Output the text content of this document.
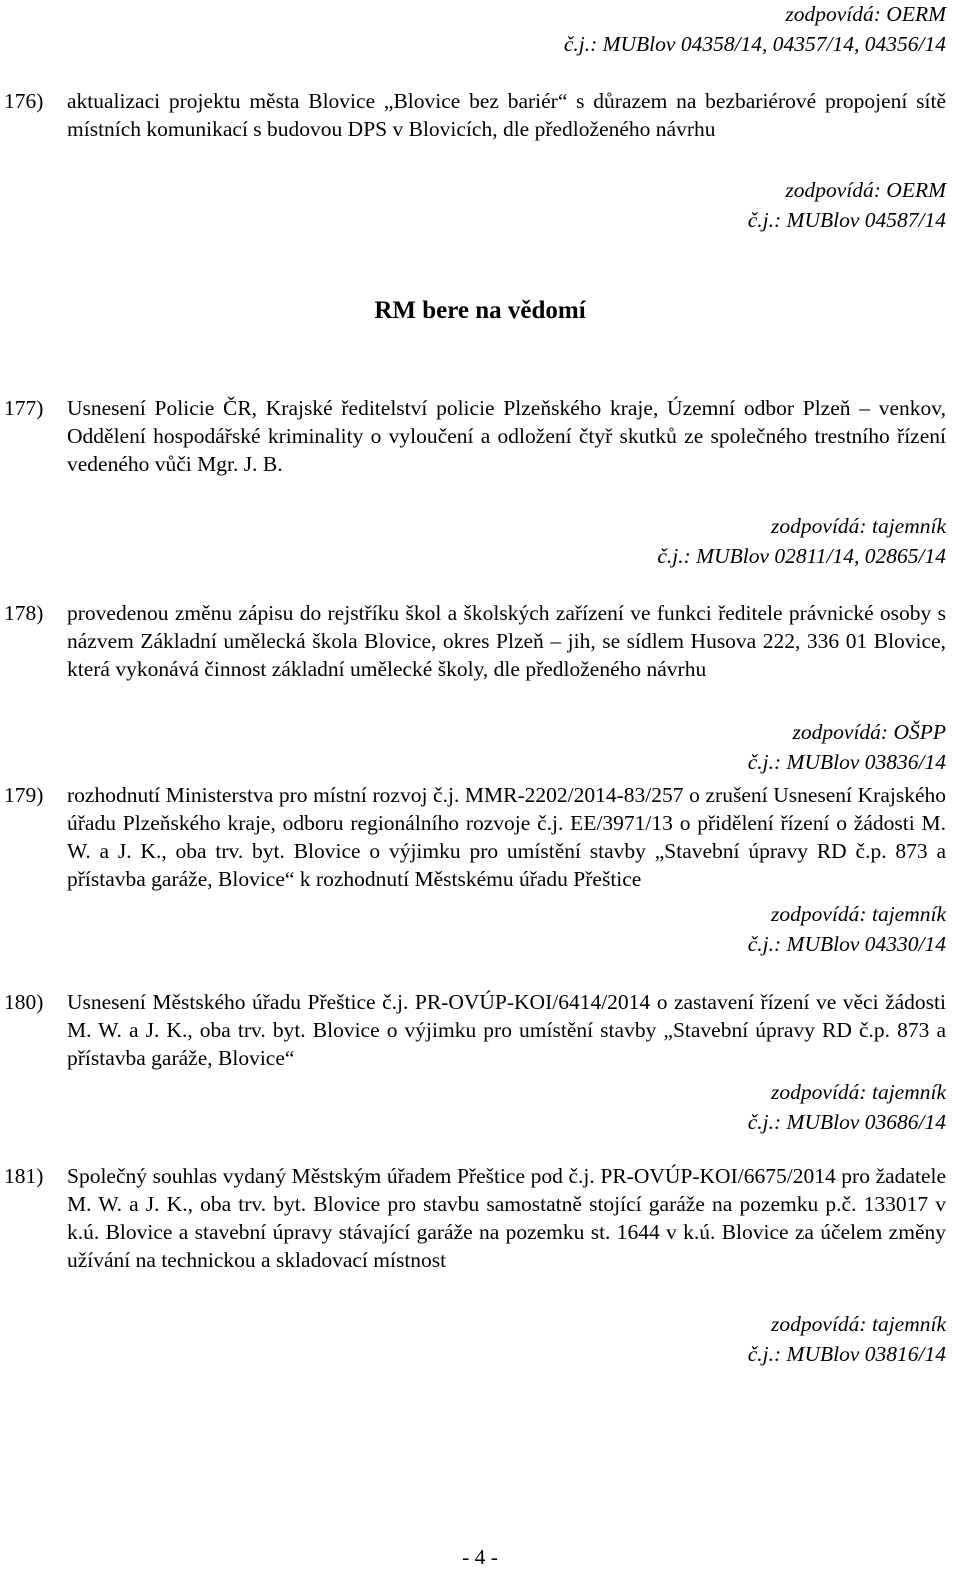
zodpovídá: OERM
č.j.: MUBlov 04358/14, 04357/14, 04356/14
176)	aktualizaci projektu města Blovice „Blovice bez bariér“ s důrazem na bezbariérové propojení sítě místních komunikací s budovou DPS v Blovicích, dle předloženého návrhu
zodpovídá: OERM
č.j.: MUBlov 04587/14
RM bere na vědomí
177)	Usnesení Policie ČR, Krajské ředitelství policie Plzeňského kraje, Územní odbor Plzeň – venkov, Oddělení hospodářské kriminality o vyloučení a odložení čtyř skutků ze společného trestního řízení vedeného vůči Mgr. J. B.
zodpovídá: tajemník
č.j.: MUBlov 02811/14, 02865/14
178)	provedenou změnu zápisu do rejstříku škol a školských zařízení ve funkci ředitele právnické osoby s názvem Základní umělecká škola Blovice, okres Plzeň – jih, se sídlem Husova 222, 336 01 Blovice, která vykonává činnost základní umělecké školy, dle předloženého návrhu
zodpovídá: OŠPP
č.j.: MUBlov 03836/14
179)	rozhodnutí Ministerstva pro místní rozvoj č.j. MMR-2202/2014-83/257 o zrušení Usnesení Krajského úřadu Plzeňského kraje, odboru regionálního rozvoje č.j. EE/3971/13 o přidělení řízení o žádosti M. W. a J. K., oba trv. byt. Blovice o výjimku pro umístění stavby „Stavební úpravy RD č.p. 873 a přístavba garáže, Blovice“ k rozhodnutí Městskému úřadu Přeštice
zodpovídá: tajemník
č.j.: MUBlov 04330/14
180)	Usnesení Městského úřadu Přeštice č.j. PR-OVÚP-KOI/6414/2014 o zastavení řízení ve věci žádosti M. W. a J. K., oba trv. byt. Blovice o výjimku pro umístění stavby „Stavební úpravy RD č.p. 873 a přístavba garáže, Blovice“
zodpovídá: tajemník
č.j.: MUBlov 03686/14
181)	Společný souhlas vydaný Městským úřadem Přeštice pod č.j. PR-OVÚP-KOI/6675/2014 pro žadatele M. W. a J. K., oba trv. byt. Blovice pro stavbu samostatně stojící garáže na pozemku p.č. 133017 v k.ú. Blovice a stavební úpravy stávající garáže na pozemku st. 1644 v k.ú. Blovice za účelem změny užívání na technickou a skladovací místnost
zodpovídá: tajemník
č.j.: MUBlov 03816/14
- 4 -
